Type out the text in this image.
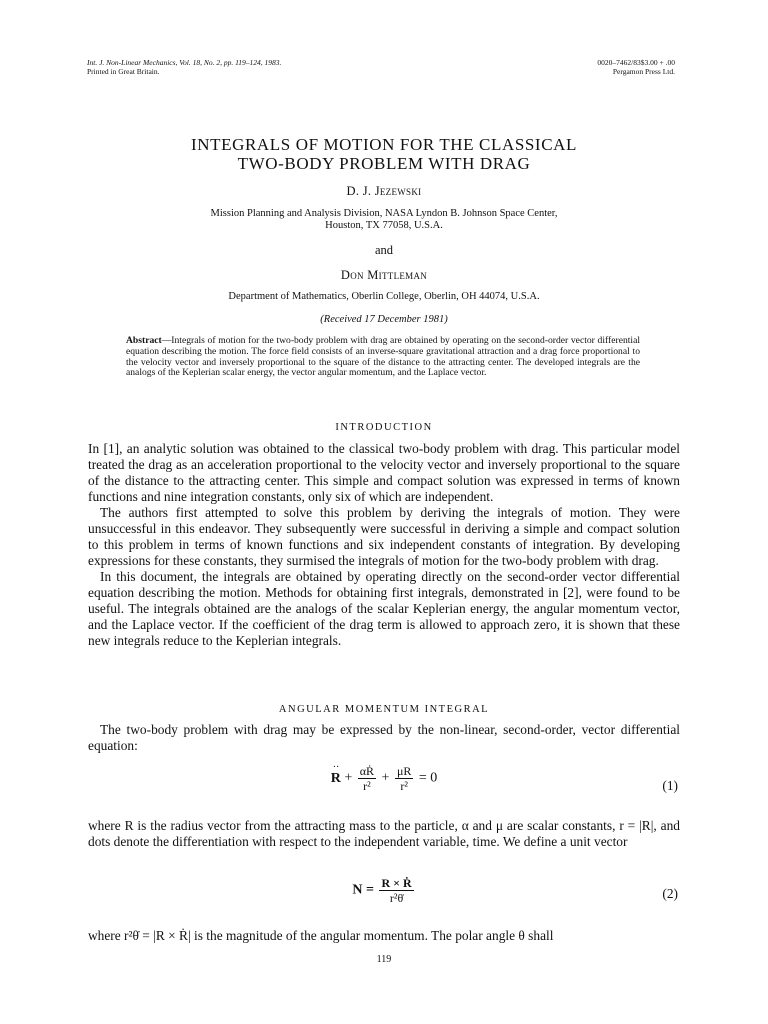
Int. J. Non-Linear Mechanics, Vol. 18, No. 2, pp. 119–124, 1983.
Printed in Great Britain.
0020–7462/83$3.00 + .00
Pergamon Press Ltd.
INTEGRALS OF MOTION FOR THE CLASSICAL
TWO-BODY PROBLEM WITH DRAG
D. J. Jezewski
Mission Planning and Analysis Division, NASA Lyndon B. Johnson Space Center,
Houston, TX 77058, U.S.A.
and
Don Mittleman
Department of Mathematics, Oberlin College, Oberlin, OH 44074, U.S.A.
(Received 17 December 1981)
Abstract—Integrals of motion for the two-body problem with drag are obtained by operating on the second-order vector differential equation describing the motion. The force field consists of an inverse-square gravitational attraction and a drag force proportional to the velocity vector and inversely proportional to the square of the distance to the attracting center. The developed integrals are the analogs of the Keplerian scalar energy, the vector angular momentum, and the Laplace vector.
INTRODUCTION

In [1], an analytic solution was obtained to the classical two-body problem with drag. This particular model treated the drag as an acceleration proportional to the velocity vector and inversely proportional to the square of the distance to the attracting center. This simple and compact solution was expressed in terms of known functions and nine integration constants, only six of which are independent.

The authors first attempted to solve this problem by deriving the integrals of motion. They were unsuccessful in this endeavor. They subsequently were successful in deriving a simple and compact solution to this problem in terms of known functions and six independent constants of integration. By developing expressions for these constants, they surmised the integrals of motion for the two-body problem with drag.

In this document, the integrals are obtained by operating directly on the second-order vector differential equation describing the motion. Methods for obtaining first integrals, demonstrated in [2], were found to be useful. The integrals obtained are the analogs of the scalar Keplerian energy, the angular momentum vector, and the Laplace vector. If the coefficient of the drag term is allowed to approach zero, it is shown that these new integrals reduce to the Keplerian integrals.

ANGULAR MOMENTUM INTEGRAL

The two-body problem with drag may be expressed by the non-linear, second-order, vector differential equation:

R
··
+ $\frac{\text{αṘ}}{\text{r²}} + \frac{\mu R}{\text{r²}} = 0$	(1)

where R is the radius vector from the attracting mass to the particle, α and μ are scalar constants, r = |R|, and dots denote the differentiation with respect to the independent variable, time. We define a unit vector

$N = \frac{\text{R × Ṙ}}{\text{r²θ̇}}$	(2)

where r²θ̇ = |R × Ṙ| is the magnitude of the angular momentum. The polar angle θ shall

119
